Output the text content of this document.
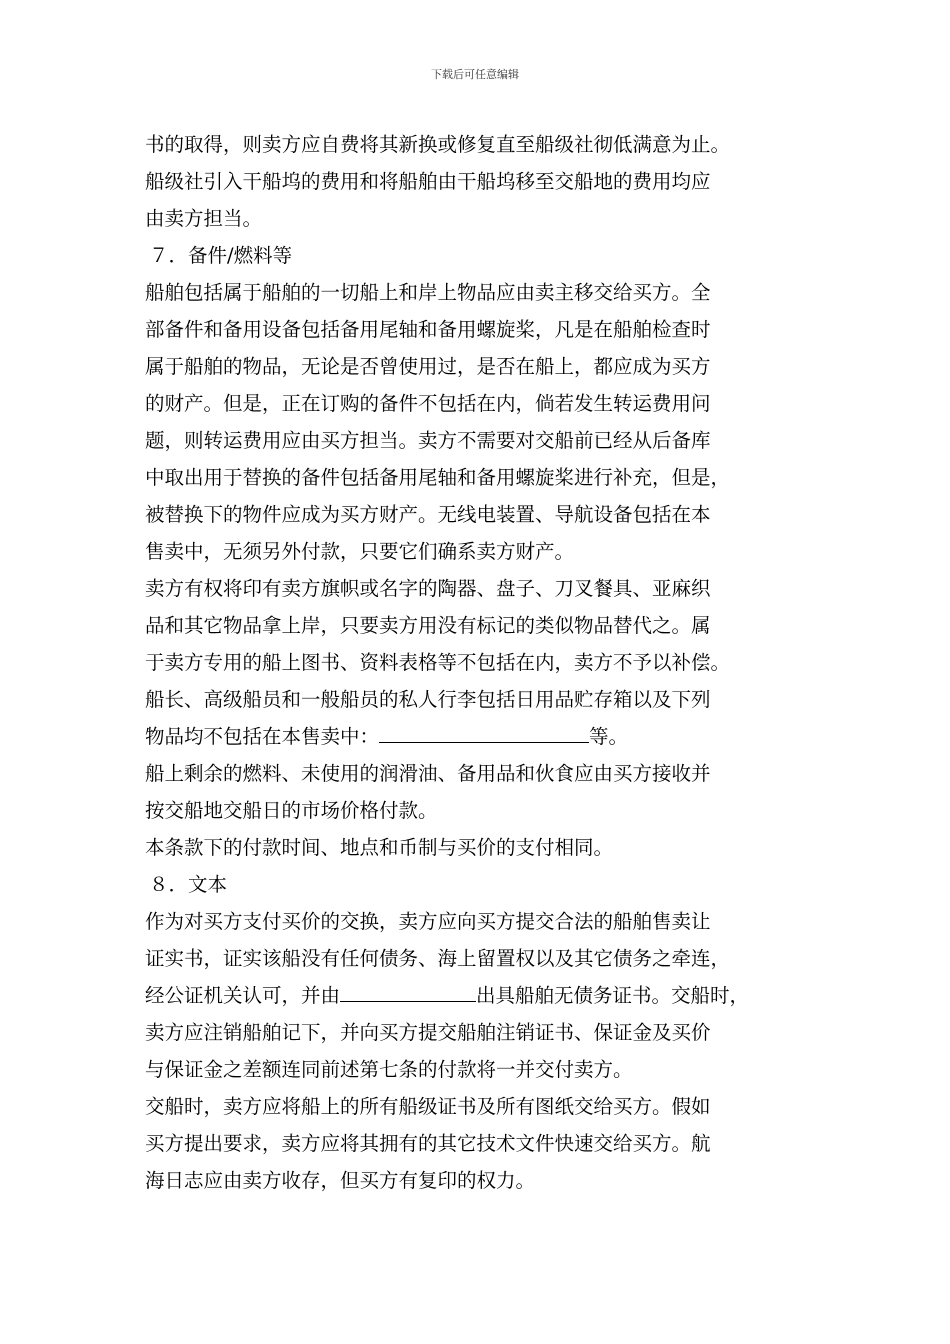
下载后可任意编辑
书的取得，则卖方应自费将其新换或修复直至船级社彻低满意为止。
船级社引入干船坞的费用和将船舶由干船坞移至交船地的费用均应
由卖方担当。
７．备件/燃料等
船舶包括属于船舶的一切船上和岸上物品应由卖主移交给买方。全
部备件和备用设备包括备用尾轴和备用螺旋桨，凡是在船舶检查时
属于船舶的物品，无论是否曾使用过，是否在船上，都应成为买方
的财产。但是，正在订购的备件不包括在内，倘若发生转运费用问
题，则转运费用应由买方担当。卖方不需要对交船前已经从后备库
中取出用于替换的备件包括备用尾轴和备用螺旋桨进行补充，但是，
被替换下的物件应成为买方财产。无线电装置、导航设备包括在本
售卖中，无须另外付款，只要它们确系卖方财产。
卖方有权将印有卖方旗帜或名字的陶器、盘子、刀叉餐具、亚麻织
品和其它物品拿上岸，只要卖方用没有标记的类似物品替代之。属
于卖方专用的船上图书、资料表格等不包括在内，卖方不予以补偿。
船长、高级船员和一般船员的私人行李包括日用品贮存箱以及下列
物品均不包括在本售卖中：	等。
船上剩余的燃料、未使用的润滑油、备用品和伙食应由买方接收并
按交船地交船日的市场价格付款。
本条款下的付款时间、地点和币制与买价的支付相同。
８．文本
作为对买方支付买价的交换，卖方应向买方提交合法的船舶售卖让
证实书，证实该船没有任何债务、海上留置权以及其它债务之牵连，
经公证机关认可，并由	出具船舶无债务证书。交船时，
卖方应注销船舶记下，并向买方提交船舶注销证书、保证金及买价
与保证金之差额连同前述第七条的付款将一并交付卖方。
交船时，卖方应将船上的所有船级证书及所有图纸交给买方。假如
买方提出要求，卖方应将其拥有的其它技术文件快速交给买方。航
海日志应由卖方收存，但买方有复印的权力。
